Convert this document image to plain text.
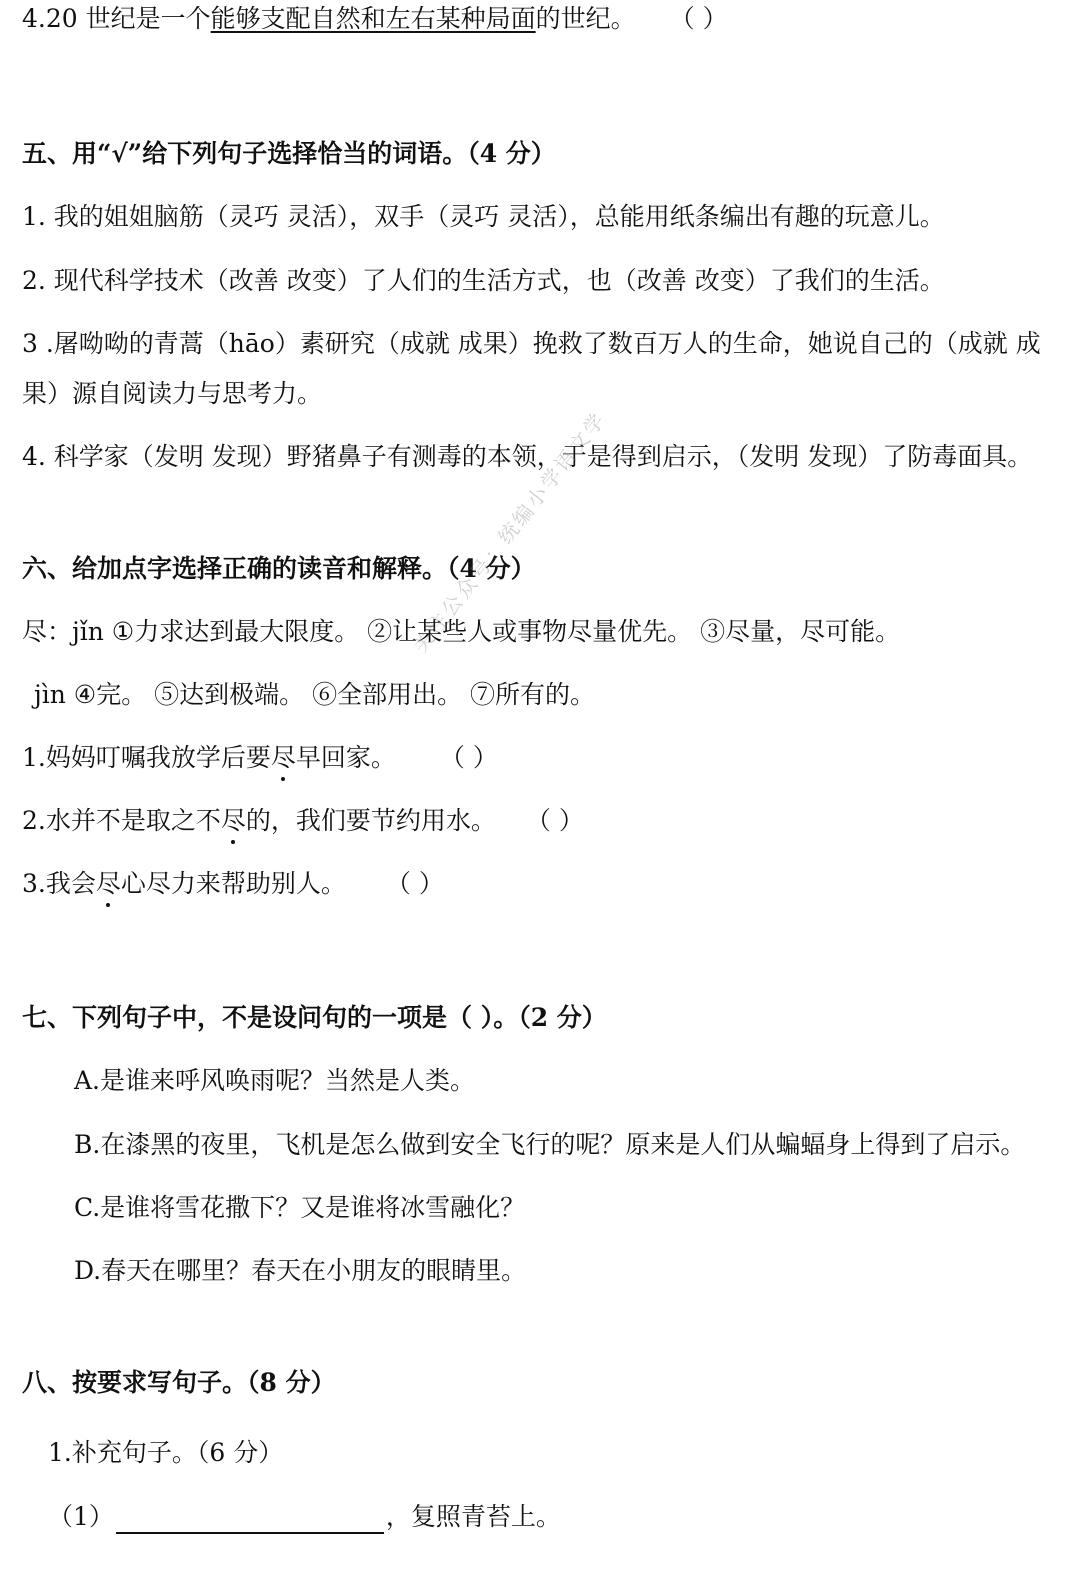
4.20 世纪是一个能够支配自然和左右某种局面的世纪。 （ ）
五、用“√”给下列句子选择恰当的词语。（4 分）
1. 我的姐姐脑筋（灵巧 灵活），双手（灵巧 灵活），总能用纸条编出有趣的玩意儿。
2. 现代科学技术（改善 改变）了人们的生活方式，也（改善 改变）了我们的生活。
3 .屠呦呦的青蒿（hāo）素研究（成就 成果）挽救了数百万人的生命，她说自己的（成就 成
果）源自阅读力与思考力。
4. 科学家（发明 发现）野猪鼻子有测毒的本领，于是得到启示，（发明 发现）了防毒面具。
六、给加点字选择正确的读音和解释。（4 分）
尽：jǐn ①力求达到最大限度。 ②让某些人或事物尽量优先。 ③尽量，尽可能。
jìn ④完。 ⑤达到极端。 ⑥全部用出。 ⑦所有的。
1.妈妈叮嘱我放学后要尽早回家。 （ ）
2.水并不是取之不尽的，我们要节约用水。 （ ）
3.我会尽心尽力来帮助别人。 （ ）
七、下列句子中，不是设问句的一项是（ ）。（2 分）
A.是谁来呼风唤雨呢？当然是人类。
B.在漆黑的夜里，飞机是怎么做到安全飞行的呢？原来是人们从蝙蝠身上得到了启示。
C.是谁将雪花撒下？又是谁将冰雪融化？
D.春天在哪里？春天在小朋友的眼睛里。
八、按要求写句子。（8 分）
1.补充句子。（6 分）
（1）	，复照青苔上。
关注公众号：统编小学语文学
